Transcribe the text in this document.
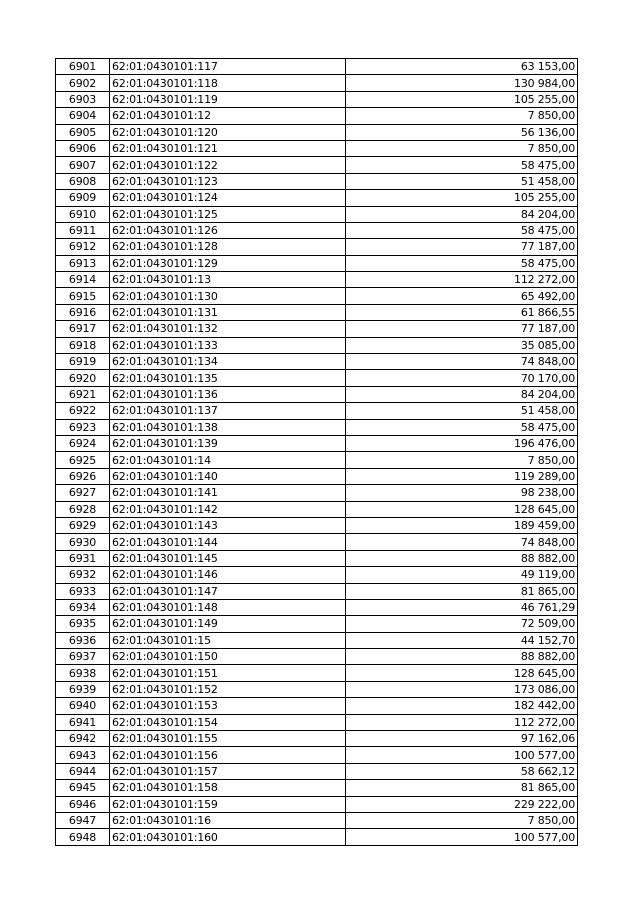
6901	62:01:0430101:117	63 153,00
6902	62:01:0430101:118	130 984,00
6903	62:01:0430101:119	105 255,00
6904	62:01:0430101:12	7 850,00
6905	62:01:0430101:120	56 136,00
6906	62:01:0430101:121	7 850,00
6907	62:01:0430101:122	58 475,00
6908	62:01:0430101:123	51 458,00
6909	62:01:0430101:124	105 255,00
6910	62:01:0430101:125	84 204,00
6911	62:01:0430101:126	58 475,00
6912	62:01:0430101:128	77 187,00
6913	62:01:0430101:129	58 475,00
6914	62:01:0430101:13	112 272,00
6915	62:01:0430101:130	65 492,00
6916	62:01:0430101:131	61 866,55
6917	62:01:0430101:132	77 187,00
6918	62:01:0430101:133	35 085,00
6919	62:01:0430101:134	74 848,00
6920	62:01:0430101:135	70 170,00
6921	62:01:0430101:136	84 204,00
6922	62:01:0430101:137	51 458,00
6923	62:01:0430101:138	58 475,00
6924	62:01:0430101:139	196 476,00
6925	62:01:0430101:14	7 850,00
6926	62:01:0430101:140	119 289,00
6927	62:01:0430101:141	98 238,00
6928	62:01:0430101:142	128 645,00
6929	62:01:0430101:143	189 459,00
6930	62:01:0430101:144	74 848,00
6931	62:01:0430101:145	88 882,00
6932	62:01:0430101:146	49 119,00
6933	62:01:0430101:147	81 865,00
6934	62:01:0430101:148	46 761,29
6935	62:01:0430101:149	72 509,00
6936	62:01:0430101:15	44 152,70
6937	62:01:0430101:150	88 882,00
6938	62:01:0430101:151	128 645,00
6939	62:01:0430101:152	173 086,00
6940	62:01:0430101:153	182 442,00
6941	62:01:0430101:154	112 272,00
6942	62:01:0430101:155	97 162,06
6943	62:01:0430101:156	100 577,00
6944	62:01:0430101:157	58 662,12
6945	62:01:0430101:158	81 865,00
6946	62:01:0430101:159	229 222,00
6947	62:01:0430101:16	7 850,00
6948	62:01:0430101:160	100 577,00
